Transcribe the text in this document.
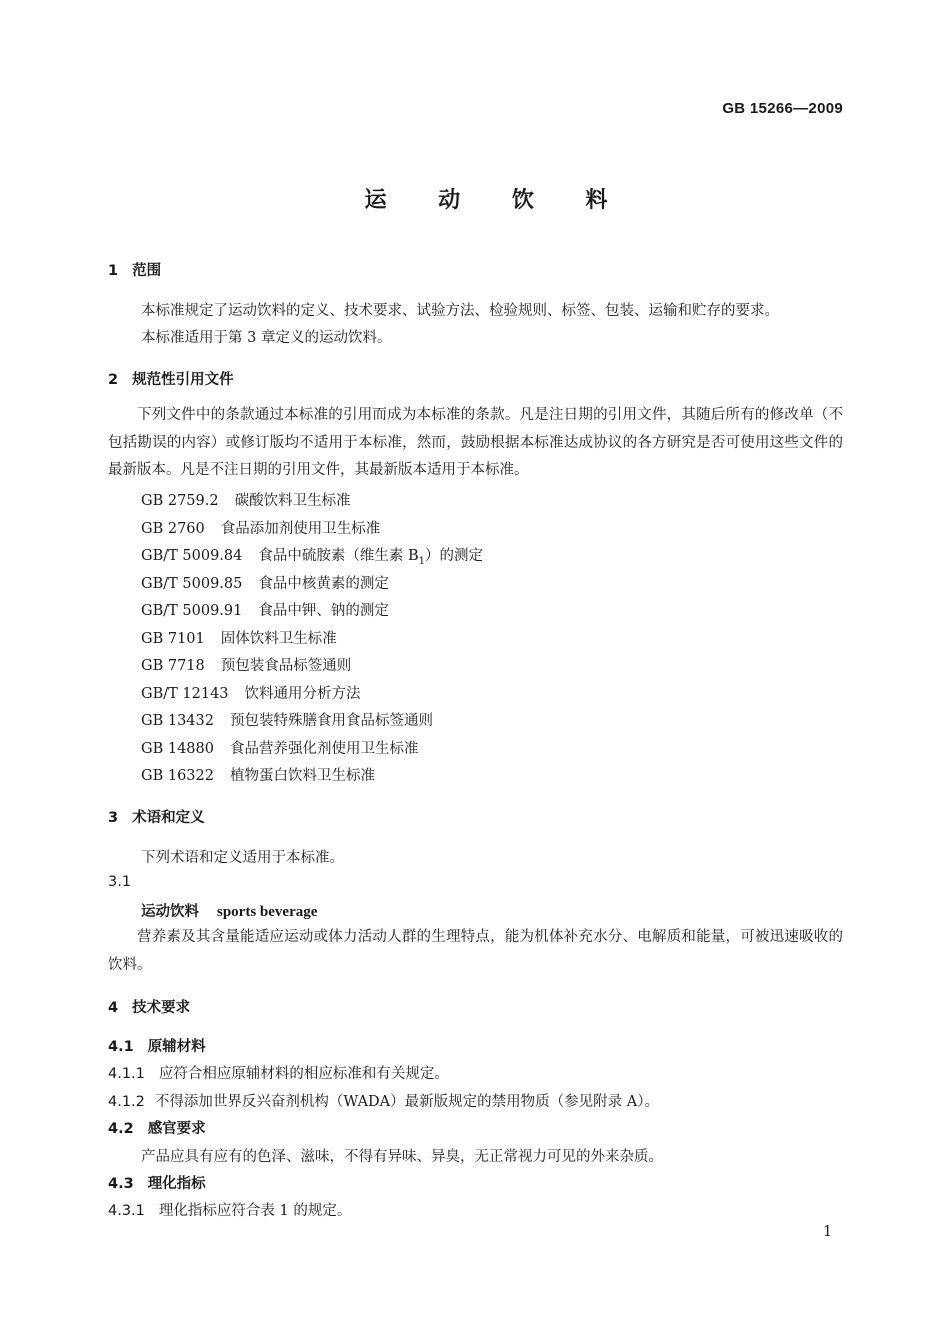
GB 15266—2009
运 动 饮 料
1 范围
本标准规定了运动饮料的定义、技术要求、试验方法、检验规则、标签、包装、运输和贮存的要求。
本标准适用于第 3 章定义的运动饮料。
2 规范性引用文件
下列文件中的条款通过本标准的引用而成为本标准的条款。凡是注日期的引用文件，其随后所有的修改单（不包括勘误的内容）或修订版均不适用于本标准，然而，鼓励根据本标准达成协议的各方研究是否可使用这些文件的最新版本。凡是不注日期的引用文件，其最新版本适用于本标准。
GB 2759.2 碳酸饮料卫生标准
GB 2760 食品添加剂使用卫生标准
GB/T 5009.84 食品中硫胺素（维生素 $B_1$）的测定
GB/T 5009.85 食品中核黄素的测定
GB/T 5009.91 食品中钾、钠的测定
GB 7101 固体饮料卫生标准
GB 7718 预包装食品标签通则
GB/T 12143 饮料通用分析方法
GB 13432 预包装特殊膳食用食品标签通则
GB 14880 食品营养强化剂使用卫生标准
GB 16322 植物蛋白饮料卫生标准
3 术语和定义
下列术语和定义适用于本标准。
3.1
运动饮料 sports beverage
营养素及其含量能适应运动或体力活动人群的生理特点，能为机体补充水分、电解质和能量，可被迅速吸收的饮料。
4 技术要求
4.1 原辅材料
4.1.1 应符合相应原辅材料的相应标准和有关规定。
4.1.2 不得添加世界反兴奋剂机构（WADA）最新版规定的禁用物质（参见附录 A）。
4.2 感官要求
产品应具有应有的色泽、滋味，不得有异味、异臭，无正常视力可见的外来杂质。
4.3 理化指标
4.3.1 理化指标应符合表 1 的规定。
1
